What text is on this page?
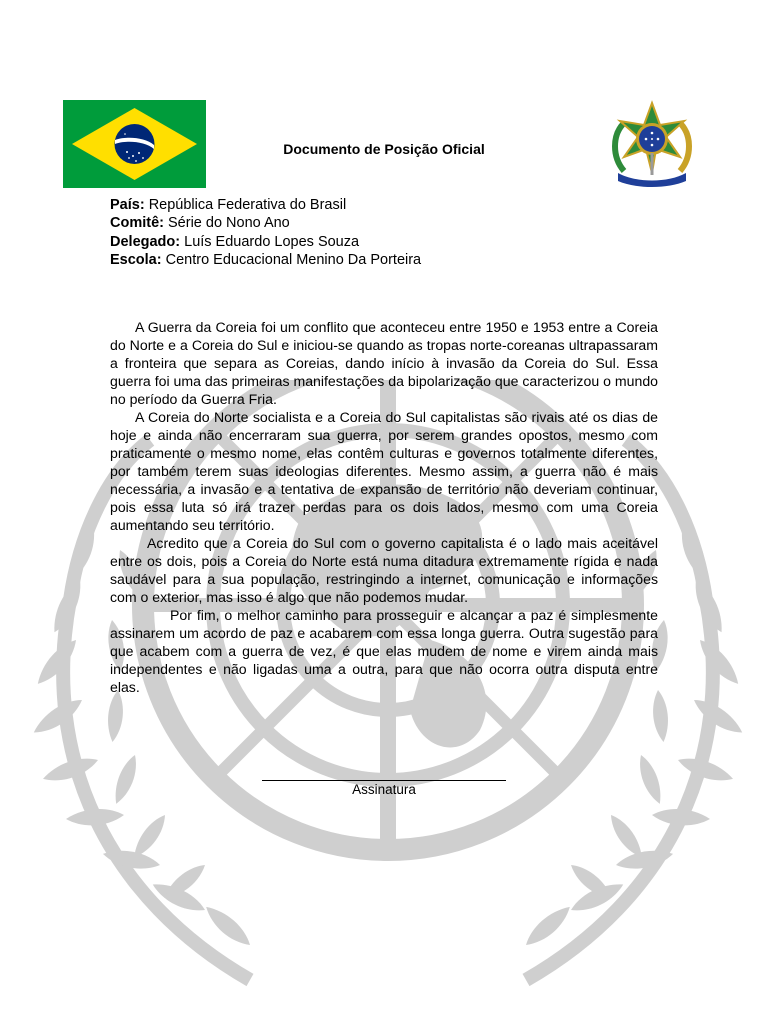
Documento de Posição Oficial
País: República Federativa do Brasil
Comitê: Série do Nono Ano
Delegado: Luís Eduardo Lopes Souza
Escola: Centro Educacional Menino Da Porteira

A Guerra da Coreia foi um conflito que aconteceu entre 1950 e 1953 entre a Coreia do Norte e a Coreia do Sul e iniciou-se quando as tropas norte-coreanas ultrapassaram a fronteira que separa as Coreias, dando início à invasão da Coreia do Sul. Essa guerra foi uma das primeiras manifestações da bipolarização que caracterizou o mundo no período da Guerra Fria.

A Coreia do Norte socialista e a Coreia do Sul capitalistas são rivais até os dias de hoje e ainda não encerraram sua guerra, por serem grandes opostos, mesmo com praticamente o mesmo nome, elas contêm culturas e governos totalmente diferentes, por também terem suas ideologias diferentes. Mesmo assim, a guerra não é mais necessária, a invasão e a tentativa de expansão de território não deveriam continuar, pois essa luta só irá trazer perdas para os dois lados, mesmo com uma Coreia aumentando seu território.

Acredito que a Coreia do Sul com o governo capitalista é o lado mais aceitável entre os dois, pois a Coreia do Norte está numa ditadura extremamente rígida e nada saudável para a sua população, restringindo a internet, comunicação e informações com o exterior, mas isso é algo que não podemos mudar.

Por fim, o melhor caminho para prosseguir e alcançar a paz é simplesmente assinarem um acordo de paz e acabarem com essa longa guerra. Outra sugestão para que acabem com a guerra de vez, é que elas mudem de nome e virem ainda mais independentes e não ligadas uma a outra, para que não ocorra outra disputa entre elas.

Assinatura
